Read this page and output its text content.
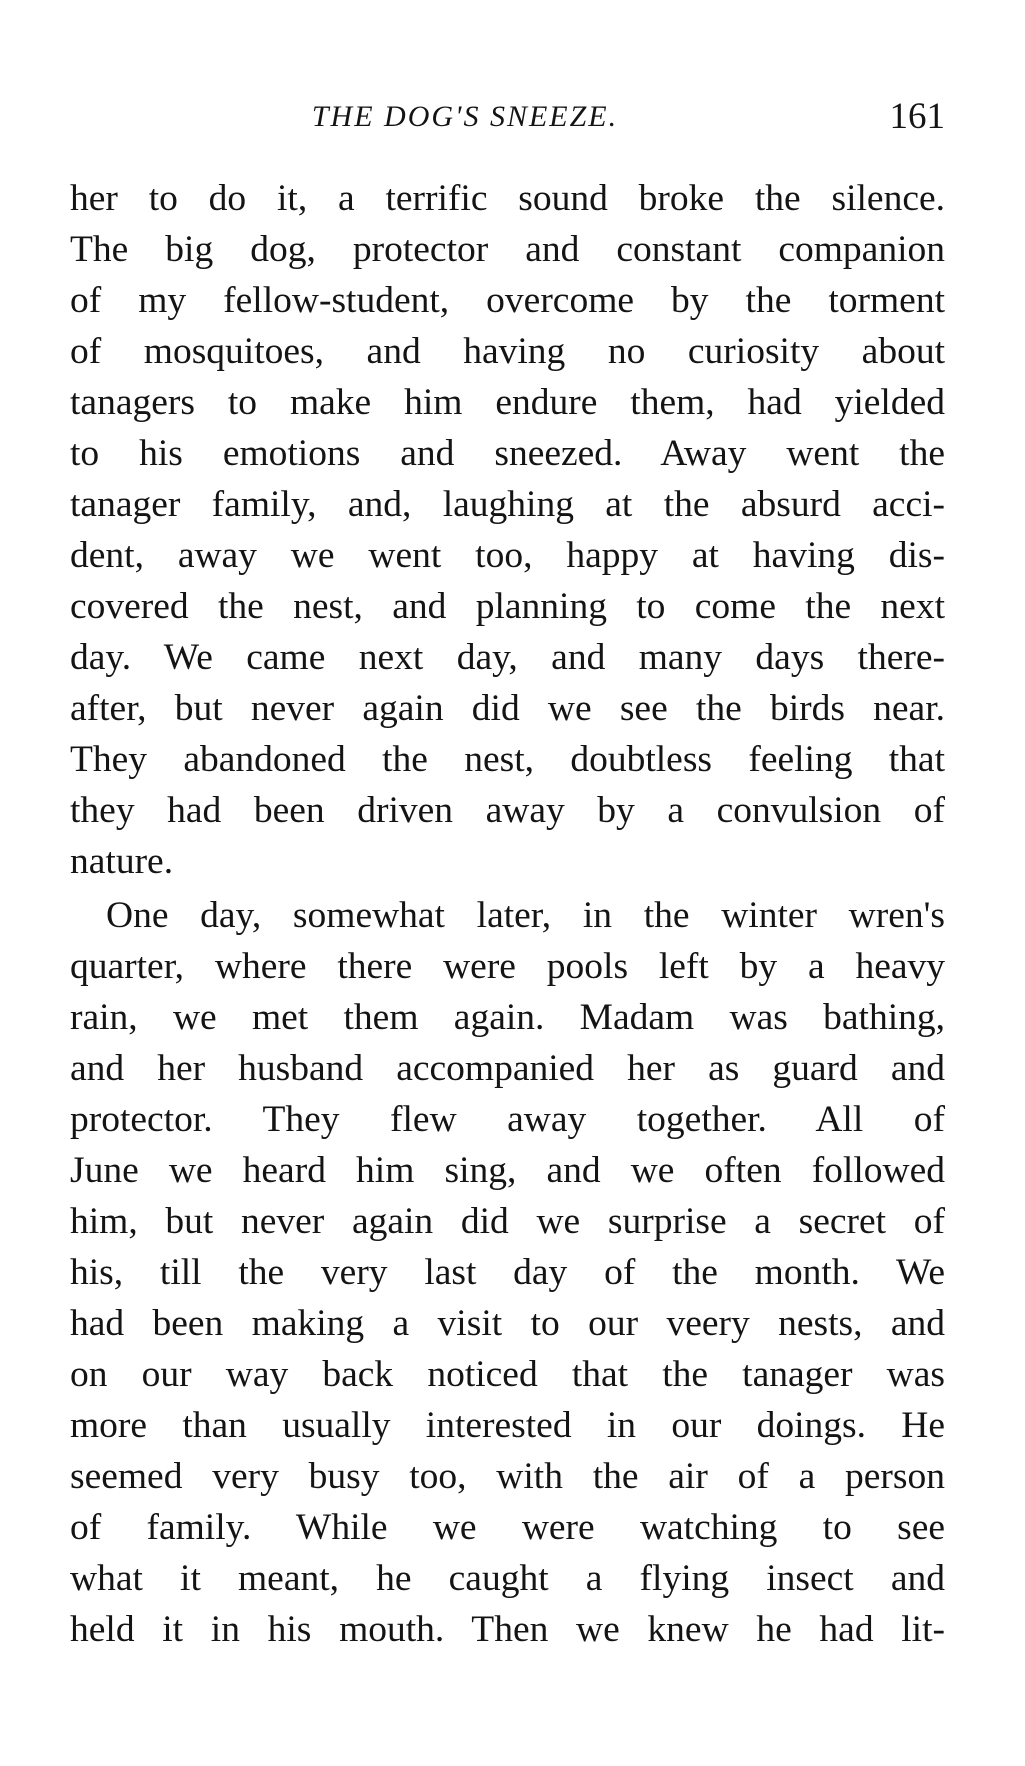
THE DOG'S SNEEZE.	161
her to do it, a terrific sound broke the silence.
The big dog, protector and constant companion
of my fellow-student, overcome by the torment
of mosquitoes, and having no curiosity about
tanagers to make him endure them, had yielded
to his emotions and sneezed. Away went the
tanager family, and, laughing at the absurd acci-
dent, away we went too, happy at having dis-
covered the nest, and planning to come the next
day. We came next day, and many days there-
after, but never again did we see the birds near.
They abandoned the nest, doubtless feeling that
they had been driven away by a convulsion of
nature.
One day, somewhat later, in the winter wren's
quarter, where there were pools left by a heavy
rain, we met them again. Madam was bathing,
and her husband accompanied her as guard and
protector. They flew away together. All of
June we heard him sing, and we often followed
him, but never again did we surprise a secret of
his, till the very last day of the month. We
had been making a visit to our veery nests, and
on our way back noticed that the tanager was
more than usually interested in our doings. He
seemed very busy too, with the air of a person
of family. While we were watching to see
what it meant, he caught a flying insect and
held it in his mouth. Then we knew he had lit-
